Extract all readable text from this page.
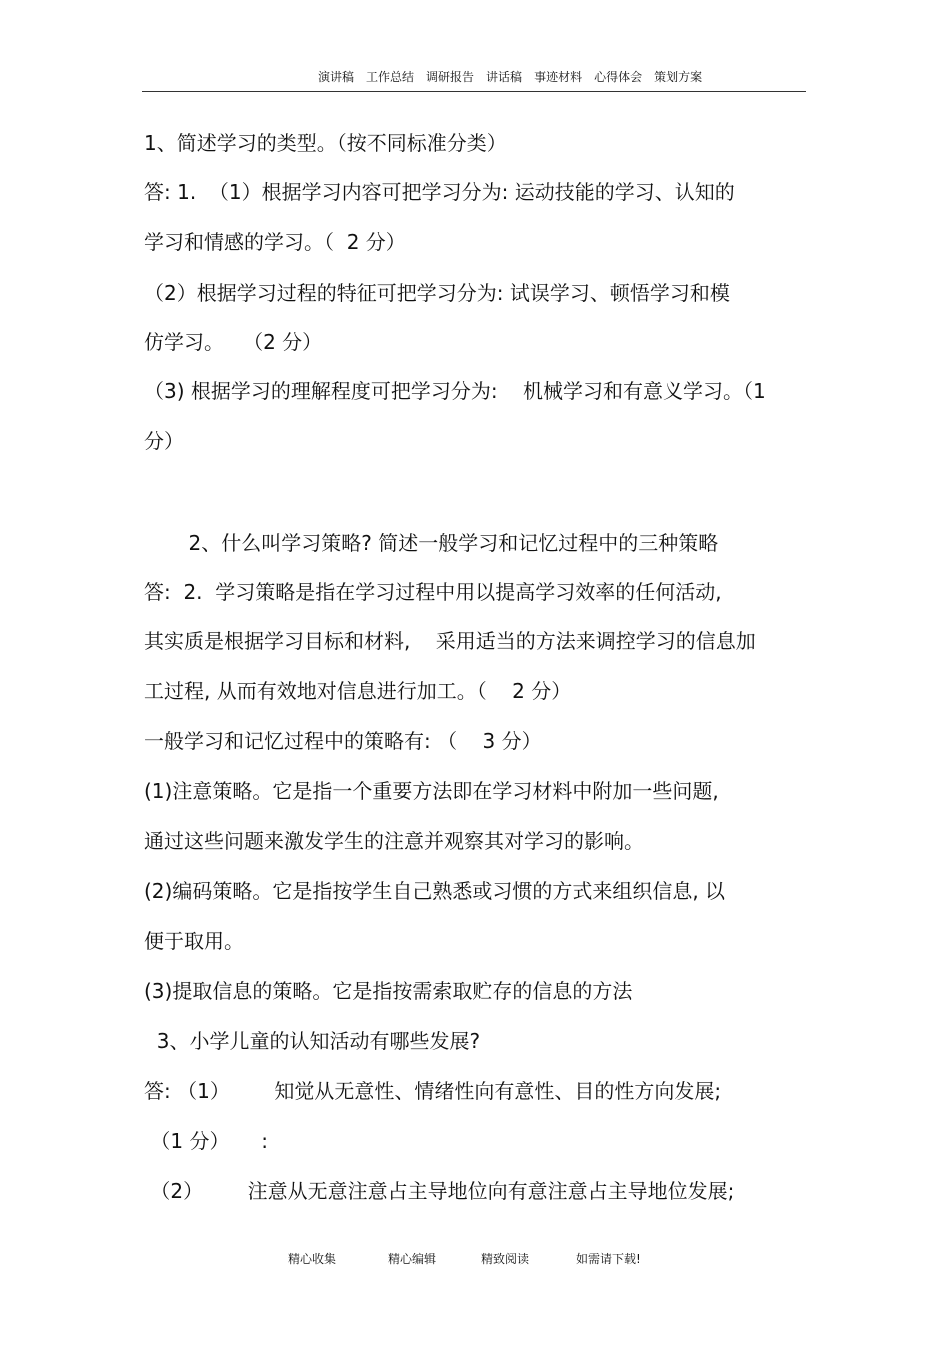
演讲稿 工作总结 调研报告 讲话稿 事迹材料 心得体会 策划方案
1、简述学习的类型。（按不同标准分类）
答: 1.  （1）根据学习内容可把学习分为: 运动技能的学习、认知的
学习和情感的学习。（  2 分）
（2）根据学习过程的特征可把学习分为: 试误学习、顿悟学习和模
仿学习。   （2 分）
（3) 根据学习的理解程度可把学习分为:    机械学习和有意义学习。（1
分）
2、什么叫学习策略? 简述一般学习和记忆过程中的三种策略
答:  2.  学习策略是指在学习过程中用以提高学习效率的任何活动,
其实质是根据学习目标和材料,    采用适当的方法来调控学习的信息加
工过程, 从而有效地对信息进行加工。（    2 分）
一般学习和记忆过程中的策略有: （    3 分）
(1)注意策略。它是指一个重要方法即在学习材料中附加一些问题,
通过这些问题来激发学生的注意并观察其对学习的影响。
(2)编码策略。它是指按学生自己熟悉或习惯的方式来组织信息, 以
便于取用。
(3)提取信息的策略。它是指按需索取贮存的信息的方法
3、小学儿童的认知活动有哪些发展?
答: （1）       知觉从无意性、情绪性向有意性、目的性方向发展;
（1 分）     :
（2）       注意从无意注意占主导地位向有意注意占主导地位发展;
精心收集	精心编辑	精致阅读	如需请下载!
